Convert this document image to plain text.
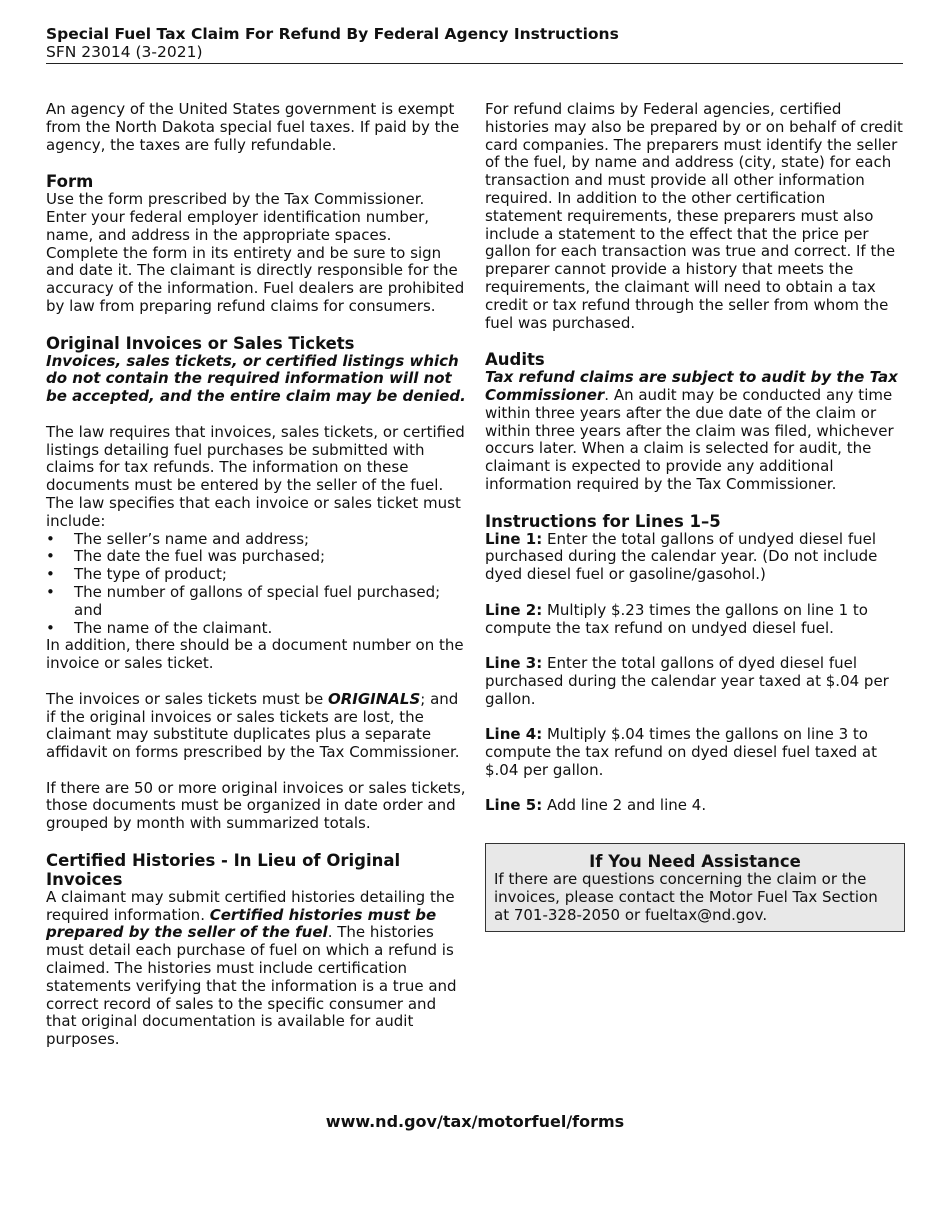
Special Fuel Tax Claim For Refund By Federal Agency Instructions
SFN 23014 (3-2021)

An agency of the United States government is exempt from the North Dakota special fuel taxes. If paid by the agency, the taxes are fully refundable.

Form

Use the form prescribed by the Tax Commissioner. Enter your federal employer identification number, name, and address in the appropriate spaces. Complete the form in its entirety and be sure to sign and date it. The claimant is directly responsible for the accuracy of the information. Fuel dealers are prohibited by law from preparing refund claims for consumers.

Original Invoices or Sales Tickets

Invoices, sales tickets, or certified listings which do not contain the required information will not be accepted, and the entire claim may be denied.

The law requires that invoices, sales tickets, or certified listings detailing fuel purchases be submitted with claims for tax refunds. The information on these documents must be entered by the seller of the fuel. The law specifies that each invoice or sales ticket must include:

• The seller’s name and address;
• The date the fuel was purchased;
• The type of product;
• The number of gallons of special fuel purchased; and
• The name of the claimant.

In addition, there should be a document number on the invoice or sales ticket.

The invoices or sales tickets must be ORIGINALS; and if the original invoices or sales tickets are lost, the claimant may substitute duplicates plus a separate affidavit on forms prescribed by the Tax Commissioner.

If there are 50 or more original invoices or sales tickets, those documents must be organized in date order and grouped by month with summarized totals.

Certified Histories - In Lieu of Original Invoices

A claimant may submit certified histories detailing the required information. Certified histories must be prepared by the seller of the fuel. The histories must detail each purchase of fuel on which a refund is claimed. The histories must include certification statements verifying that the information is a true and correct record of sales to the specific consumer and that original documentation is available for audit purposes.

For refund claims by Federal agencies, certified histories may also be prepared by or on behalf of credit card companies. The preparers must identify the seller of the fuel, by name and address (city, state) for each transaction and must provide all other information required. In addition to the other certification statement requirements, these preparers must also include a statement to the effect that the price per gallon for each transaction was true and correct. If the preparer cannot provide a history that meets the requirements, the claimant will need to obtain a tax credit or tax refund through the seller from whom the fuel was purchased.

Audits

Tax refund claims are subject to audit by the Tax Commissioner. An audit may be conducted any time within three years after the due date of the claim or within three years after the claim was filed, whichever occurs later. When a claim is selected for audit, the claimant is expected to provide any additional information required by the Tax Commissioner.

Instructions for Lines 1–5

Line 1: Enter the total gallons of undyed diesel fuel purchased during the calendar year. (Do not include dyed diesel fuel or gasoline/gasohol.)

Line 2: Multiply $.23 times the gallons on line 1 to compute the tax refund on undyed diesel fuel.

Line 3: Enter the total gallons of dyed diesel fuel purchased during the calendar year taxed at $.04 per gallon.

Line 4: Multiply $.04 times the gallons on line 3 to compute the tax refund on dyed diesel fuel taxed at $.04 per gallon.

Line 5: Add line 2 and line 4.

If You Need Assistance

If there are questions concerning the claim or the invoices, please contact the Motor Fuel Tax Section at 701-328-2050 or fueltax@nd.gov.

www.nd.gov/tax/motorfuel/forms
